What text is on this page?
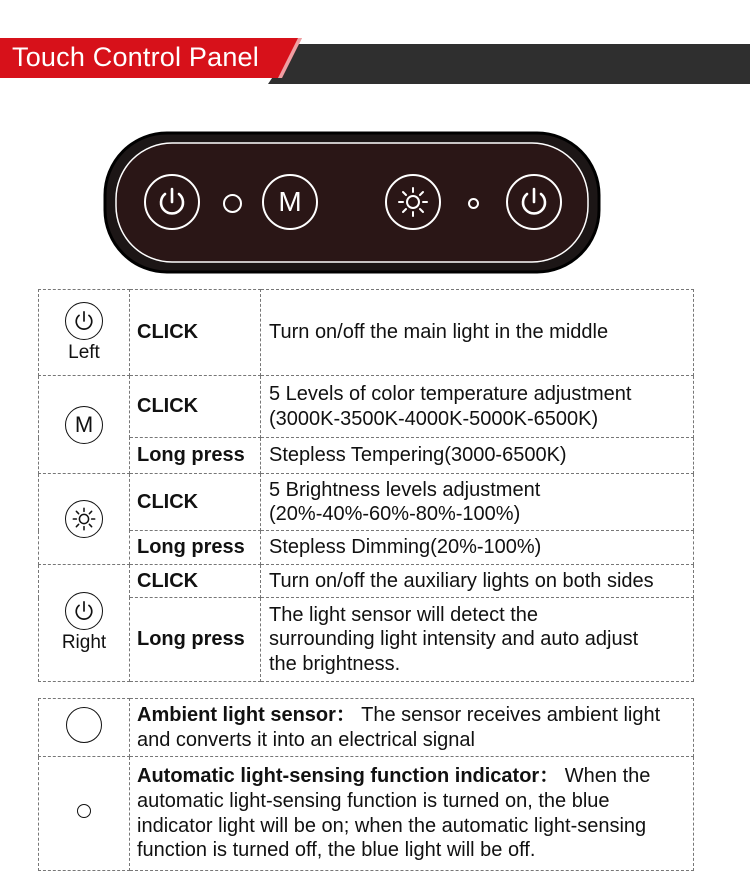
Touch Control Panel
M
Left	CLICK	Turn on/off the main light in the middle

M	CLICK	5 Levels of color temperature adjustment
(3000K-3500K-4000K-5000K-6500K)
	Long press	Stepless Tempering(3000-6500K)

	CLICK	5 Brightness levels adjustment
(20%-40%-60%-80%-100%)
	Long press	Stepless Dimming(20%-100%)

Right	CLICK	Turn on/off the auxiliary lights on both sides
	Long press	The light sensor will detect the
surrounding light intensity and auto adjust
the brightness.
	Ambient light sensor： The sensor receives ambient light and converts it into an electrical signal
	Automatic light-sensing function indicator： When the automatic light-sensing function is turned on, the blue indicator light will be on; when the automatic light-sensing function is turned off, the blue light will be off.
